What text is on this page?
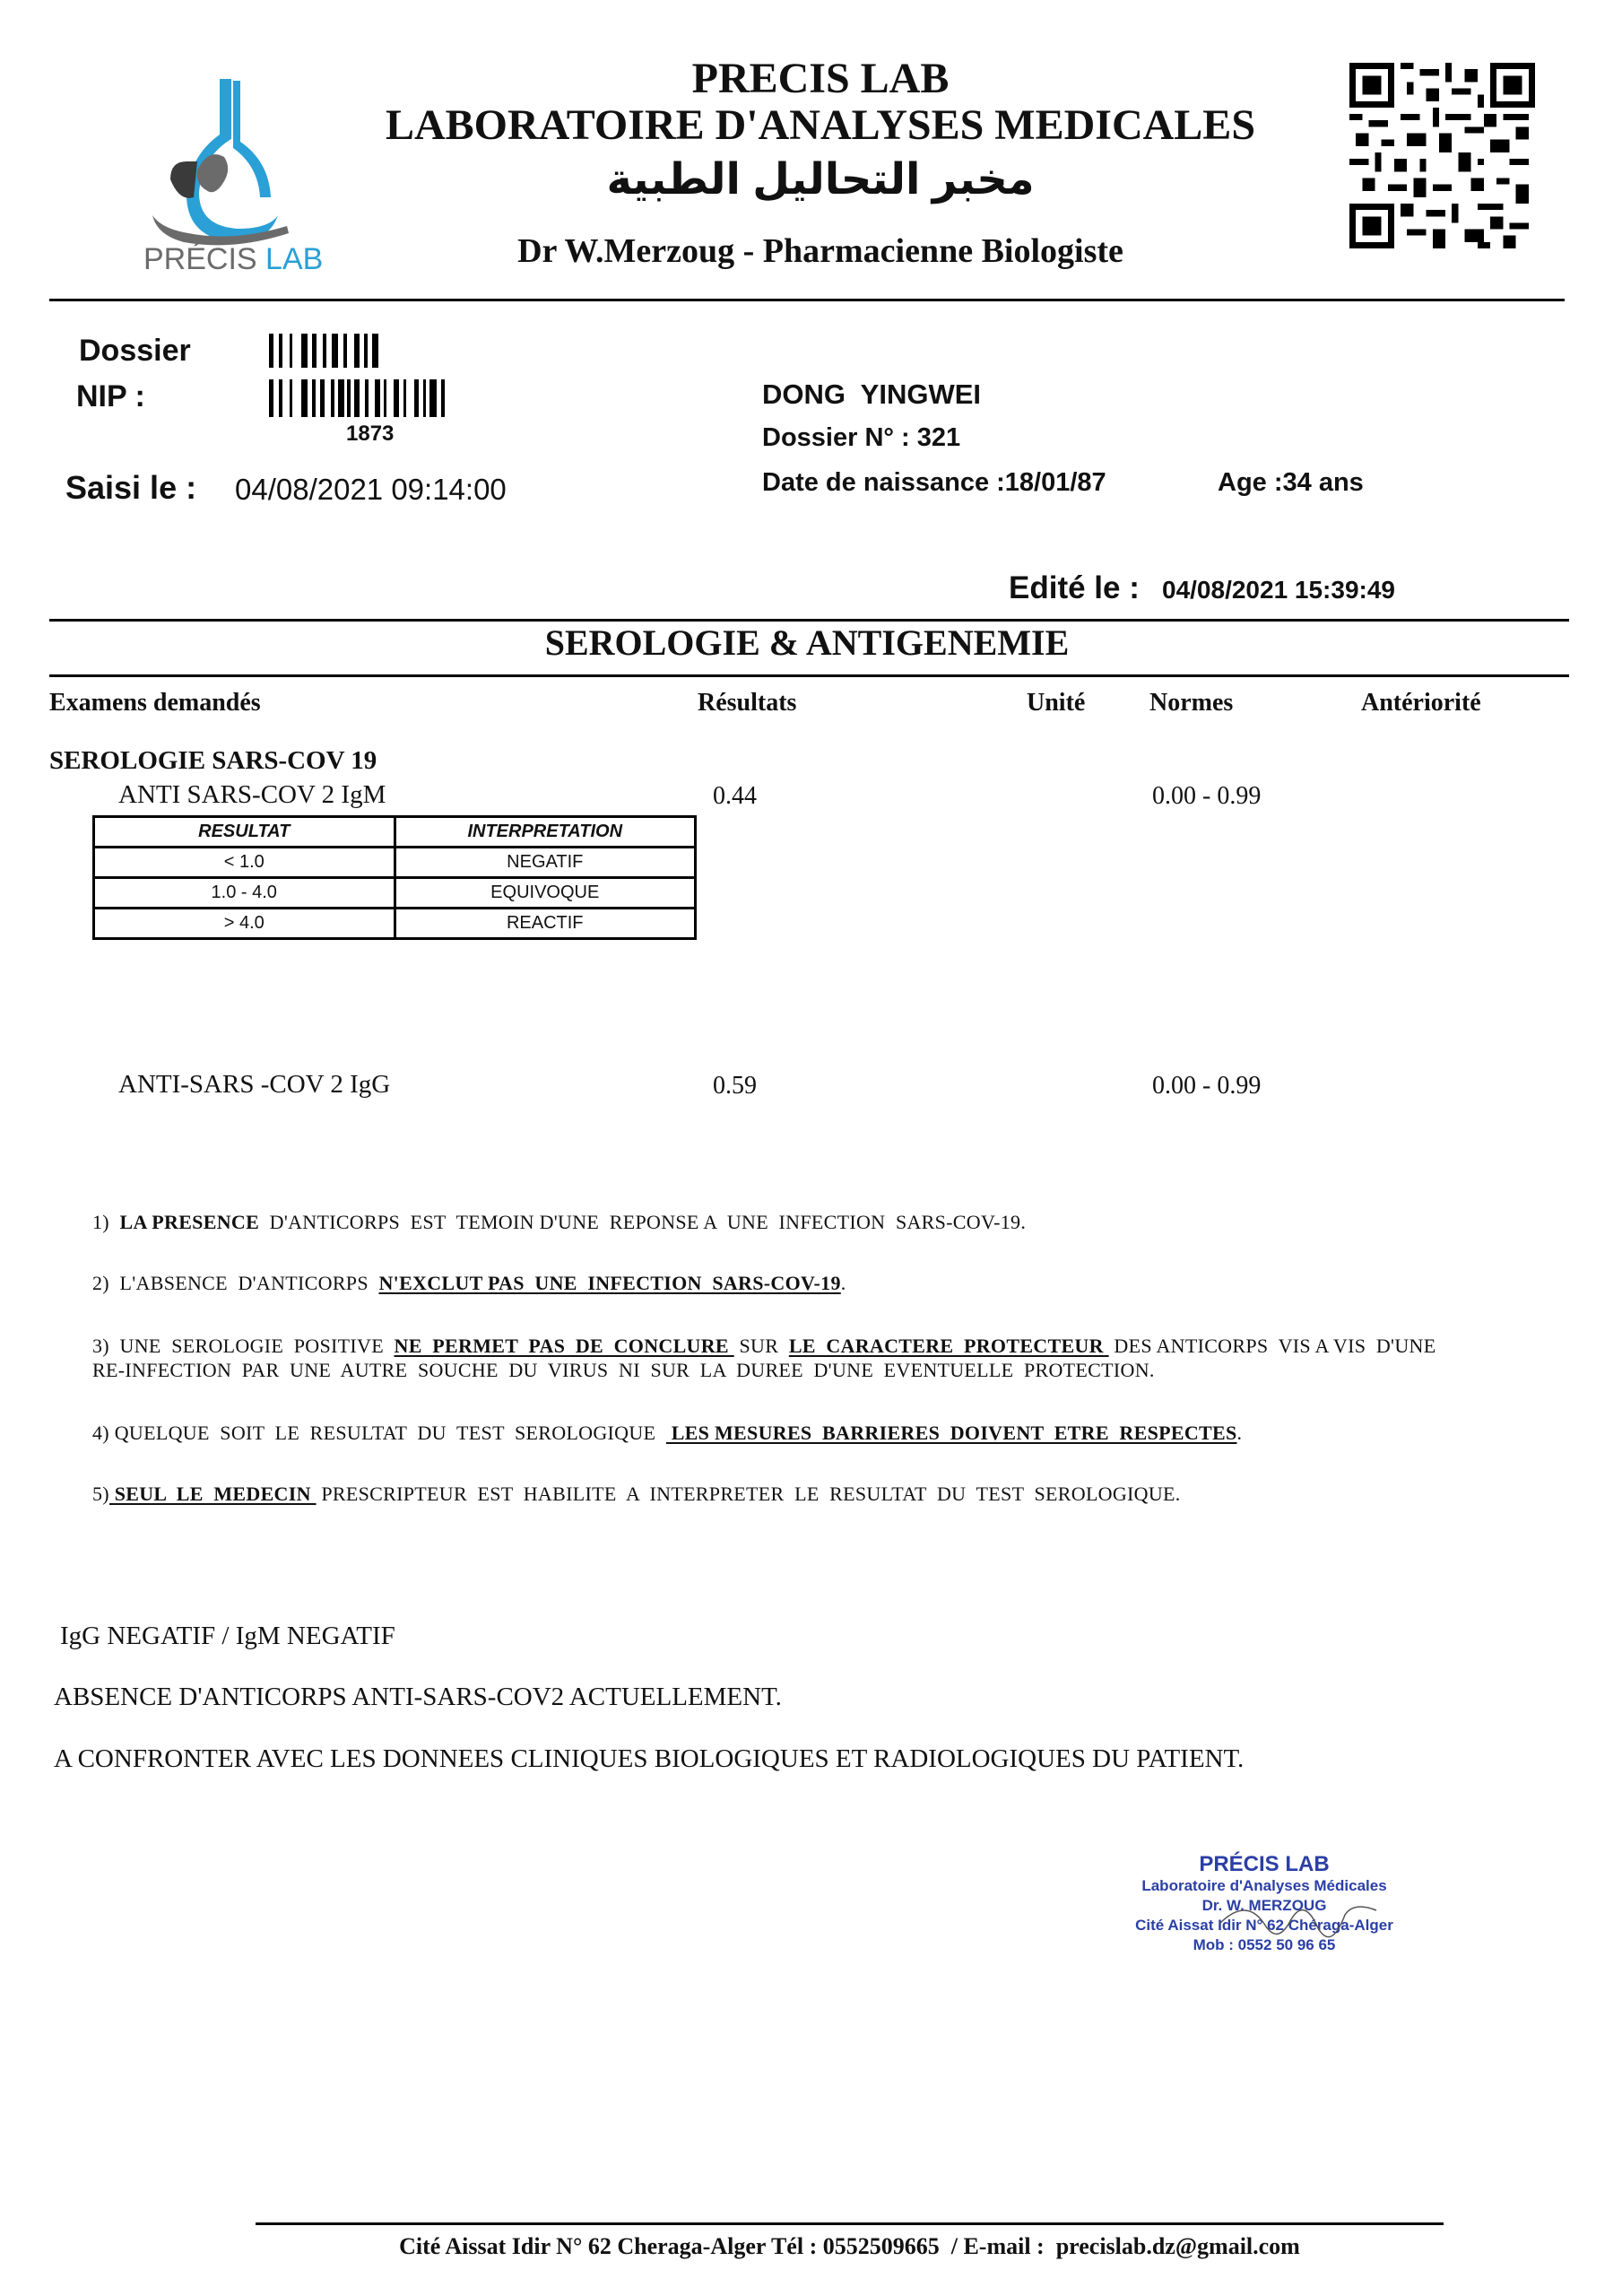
PRÉCIS LAB
PRECIS LAB
LABORATOIRE D'ANALYSES MEDICALES
مخبر التحاليل الطبية
Dr W.Merzoug - Pharmacienne Biologiste
Dossier
NIP :
1873
Saisi le : 04/08/2021 09:14:00
DONG  YINGWEI
Dossier N° : 321
Date de naissance :18/01/87	Age :34 ans
Edité le : 04/08/2021 15:39:49
SEROLOGIE & ANTIGENEMIE
Examens demandés	Résultats	Unité	Normes	Antériorité
SEROLOGIE SARS-COV 19
ANTI SARS-COV 2 IgM	0.44	0.00 - 0.99
RESULTAT	INTERPRETATION
< 1.0	NEGATIF
1.0 - 4.0	EQUIVOQUE
> 4.0	REACTIF
ANTI-SARS -COV 2 IgG	0.59	0.00 - 0.99
1)  LA PRESENCE  D'ANTICORPS  EST  TEMOIN D'UNE  REPONSE A  UNE  INFECTION  SARS-COV-19.
2)  L'ABSENCE  D'ANTICORPS  N'EXCLUT PAS  UNE  INFECTION  SARS-COV-19.
3)  UNE  SEROLOGIE  POSITIVE  NE  PERMET  PAS  DE  CONCLURE  SUR  LE  CARACTERE  PROTECTEUR  DES ANTICORPS  VIS A VIS  D'UNE
RE-INFECTION  PAR  UNE  AUTRE  SOUCHE  DU  VIRUS  NI  SUR  LA  DUREE  D'UNE  EVENTUELLE  PROTECTION.
4) QUELQUE  SOIT  LE  RESULTAT  DU  TEST  SEROLOGIQUE   LES MESURES  BARRIERES  DOIVENT  ETRE  RESPECTES.
5) SEUL  LE  MEDECIN  PRESCRIPTEUR  EST  HABILITE  A  INTERPRETER  LE  RESULTAT  DU  TEST  SEROLOGIQUE.
IgG NEGATIF / IgM NEGATIF
ABSENCE D'ANTICORPS ANTI-SARS-COV2 ACTUELLEMENT.
A CONFRONTER AVEC LES DONNEES CLINIQUES BIOLOGIQUES ET RADIOLOGIQUES DU PATIENT.
PRÉCIS LAB
Laboratoire d'Analyses Médicales
Dr. W. MERZOUG
Cité Aissat Idir N° 62 Chéraga-Alger
Mob : 0552 50 96 65
Cité Aissat Idir N° 62 Cheraga-Alger Tél : 0552509665  / E-mail :  precislab.dz@gmail.com
